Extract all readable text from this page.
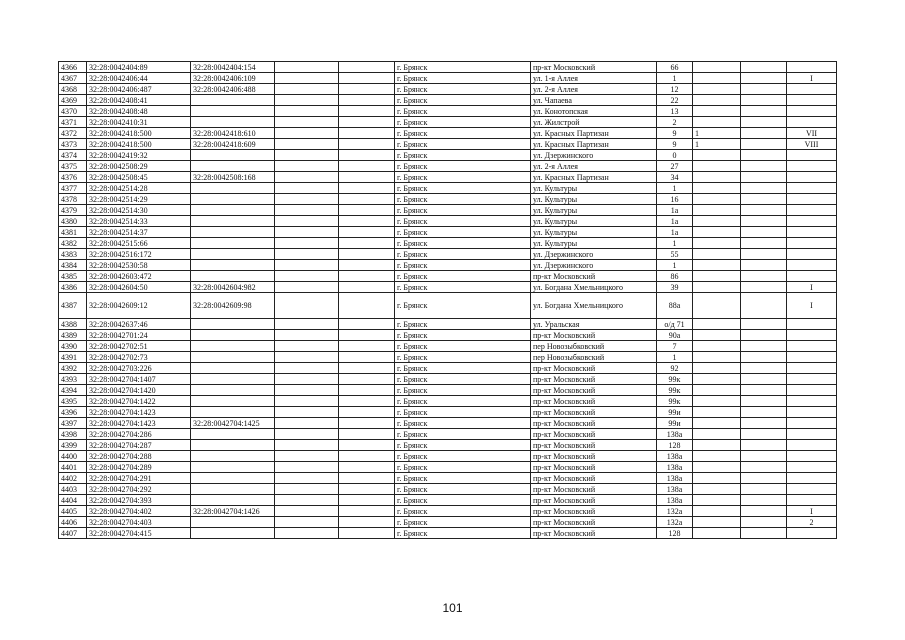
4366	32:28:0042404:89	32:28:0042404:154			г. Брянск	пр-кт Московский	66			
4367	32:28:0042406:44	32:28:0042406:109			г. Брянск	ул. 1-я Аллея	1			I
4368	32:28:0042406:487	32:28:0042406:488			г. Брянск	ул. 2-я Аллея	12			
4369	32:28:0042408:41				г. Брянск	ул. Чапаева	22			
4370	32:28:0042408:48				г. Брянск	ул. Конотопская	13			
4371	32:28:0042410:31				г. Брянск	ул. Жилстрой	2			
4372	32:28:0042418:500	32:28:0042418:610			г. Брянск	ул. Красных Партизан	9	1		VII
4373	32:28:0042418:500	32:28:0042418:609			г. Брянск	ул. Красных Партизан	9	1		VIII
4374	32:28:0042419:32				г. Брянск	ул. Дзержинского	0			
4375	32:28:0042508:29				г. Брянск	ул. 2-я Аллея	27			
4376	32:28:0042508:45	32:28:0042508:168			г. Брянск	ул. Красных Партизан	34			
4377	32:28:0042514:28				г. Брянск	ул. Культуры	1			
4378	32:28:0042514:29				г. Брянск	ул. Культуры	16			
4379	32:28:0042514:30				г. Брянск	ул. Культуры	1а			
4380	32:28:0042514:33				г. Брянск	ул. Культуры	1а			
4381	32:28:0042514:37				г. Брянск	ул. Культуры	1а			
4382	32:28:0042515:66				г. Брянск	ул. Культуры	1			
4383	32:28:0042516:172				г. Брянск	ул. Дзержинского	55			
4384	32:28:0042530:58				г. Брянск	ул. Дзержинского	1			
4385	32:28:0042603:472				г. Брянск	пр-кт Московский	86			
4386	32:28:0042604:50	32:28:0042604:982			г. Брянск	ул. Богдана Хмельницкого	39			I
4387	32:28:0042609:12	32:28:0042609:98			г. Брянск	ул. Богдана Хмельницкого	88а			I
4388	32:28:0042637:46				г. Брянск	ул. Уральская	о/д 71			
4389	32:28:0042701:24				г. Брянск	пр-кт Московский	90а			
4390	32:28:0042702:51				г. Брянск	пер Новозыбковский	7			
4391	32:28:0042702:73				г. Брянск	пер Новозыбковский	1			
4392	32:28:0042703:226				г. Брянск	пр-кт Московский	92			
4393	32:28:0042704:1407				г. Брянск	пр-кт Московский	99к			
4394	32:28:0042704:1420				г. Брянск	пр-кт Московский	99к			
4395	32:28:0042704:1422				г. Брянск	пр-кт Московский	99к			
4396	32:28:0042704:1423				г. Брянск	пр-кт Московский	99и			
4397	32:28:0042704:1423	32:28:0042704:1425			г. Брянск	пр-кт Московский	99и			
4398	32:28:0042704:286				г. Брянск	пр-кт Московский	138а			
4399	32:28:0042704:287				г. Брянск	пр-кт Московский	128			
4400	32:28:0042704:288				г. Брянск	пр-кт Московский	138а			
4401	32:28:0042704:289				г. Брянск	пр-кт Московский	138а			
4402	32:28:0042704:291				г. Брянск	пр-кт Московский	138а			
4403	32:28:0042704:292				г. Брянск	пр-кт Московский	138а			
4404	32:28:0042704:393				г. Брянск	пр-кт Московский	138а			
4405	32:28:0042704:402	32:28:0042704:1426			г. Брянск	пр-кт Московский	132а			I
4406	32:28:0042704:403				г. Брянск	пр-кт Московский	132а			2
4407	32:28:0042704:415				г. Брянск	пр-кт Московский	128			
101
